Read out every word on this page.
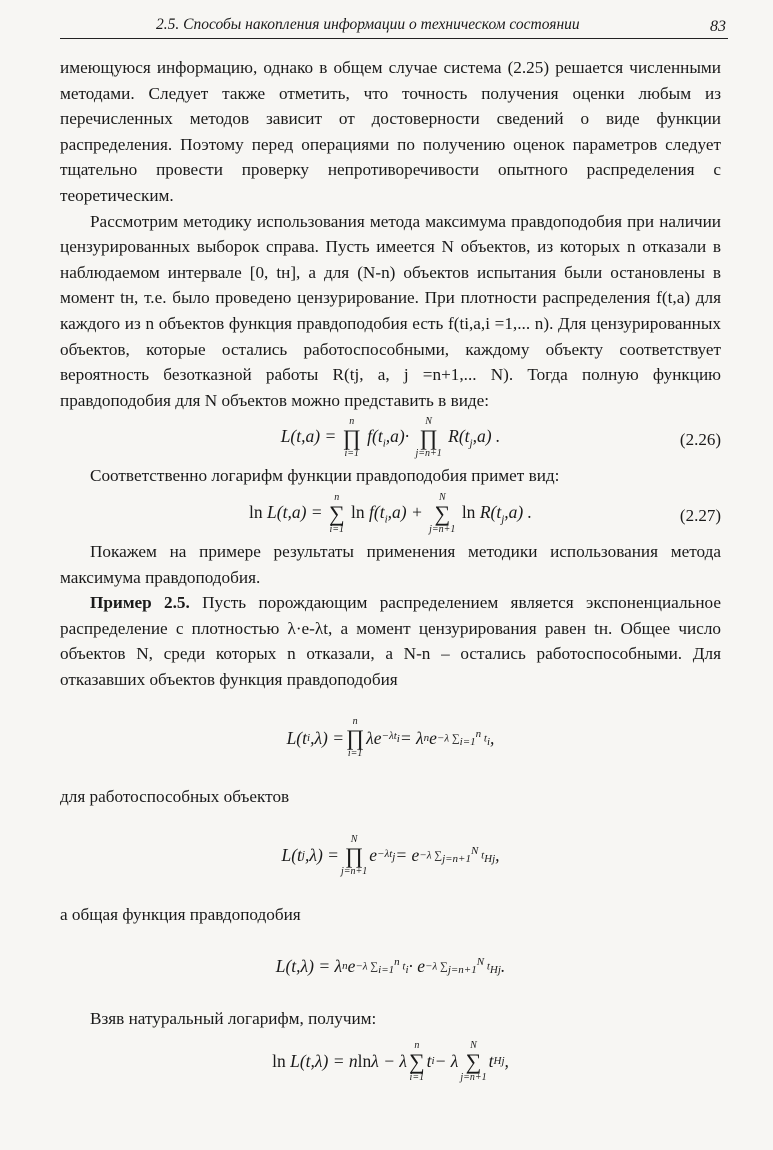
2.5. Способы накопления информации о техническом состоянии	83

имеющуюся информацию, однако в общем случае система (2.25) решается численными методами. Следует также отметить, что точность получения оценки любым из перечисленных методов зависит от достоверности сведений о виде функции распределения. Поэтому перед операциями по получению оценок параметров следует тщательно провести проверку непротиворечивости опытного распределения с теоретическим.

Рассмотрим методику использования метода максимума правдоподобия при наличии цензурированных выборок справа. Пусть имеется N объектов, из которых n отказали в наблюдаемом интервале [0, tн], а для (N-n) объектов испытания были остановлены в момент tн, т.е. было проведено цензурирование. При плотности распределения f(t,a) для каждого из n объектов функция правдоподобия есть f(ti,a,i =1,... n). Для цензурированных объектов, которые остались работоспособными, каждому объекту соответствует вероятность безотказной работы R(tj, a, j =n+1,... N). Тогда полную функцию правдоподобия для N объектов можно представить в виде:

L(t,a) =
n
∏
i=1
$f(t_i,a)\cdot$
N
∏
j=n+1
$R(t_j,a)$ .	(2.26)

Соответственно логарифм функции правдоподобия примет вид:

ln L(t,a) =
n
∑
i=1
$\ln f(t_i,a)$ +
N
∑
j=n+1
$\ln R(t_j,a)$ .	(2.27)

Покажем на примере результаты применения методики использования метода максимума правдоподобия.

Пример 2.5. Пусть порождающим распределением является экспоненциальное распределение с плотностью λ·e-λt, а момент цензурирования равен tн. Общее число объектов N, среди которых n отказали, а N-n – остались работоспособными. Для отказавших объектов функция правдоподобия

L(t i ,λ) =
n
∏
i=1
$\lambda e -\lambda t_i = \lambda$ n e −λ $\sum_{i=1}^n$ $t_i$ ,

для работоспособных объектов

L(t j ,λ) =
N
∏
j=n+1
$e -\lambda t_j = e -\lambda$ $\sum_{j=n+1}^N$ $t_{Hj}$ ,

а общая функция правдоподобия

L(t,λ) = λ n e −λ $\sum_{i=1}^n$ $t_i \cdot e -\lambda$ $\sum_{j=n+1}^N$ $t_{Hj}$ .

Взяв натуральный логарифм, получим:

ln L(t,λ) = n ln λ − λ
n
∑
i=1
t i − λ
N
∑
j=n+1
t Hj ,
